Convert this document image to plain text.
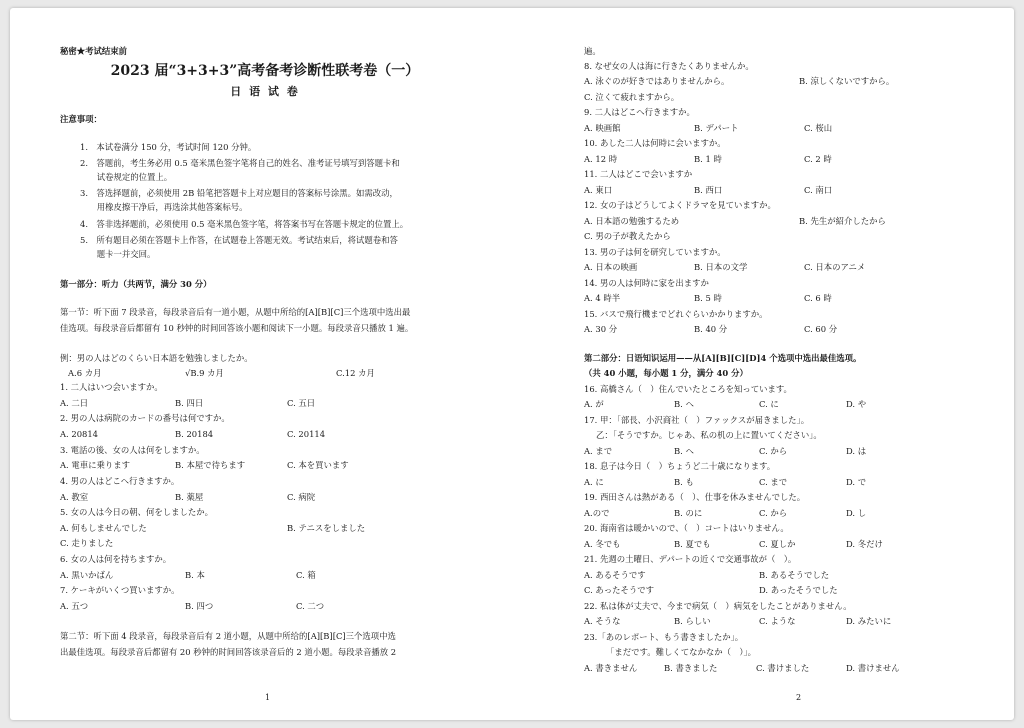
秘密★考试结束前
2023 届“3+3+3”高考备考诊断性联考卷（一）
日 语 试 卷
注意事项：
1.　本试卷满分 150 分，考试时间 120 分钟。
2.　答题前，考生务必用 0.5 毫米黑色签字笔将自己的姓名、准考证号填写到答题卡和
　　试卷规定的位置上。
3.　答选择题前，必须使用 2B 铅笔把答题卡上对应题目的答案标号涂黑。如需改动，
　　用橡皮擦干净后，再选涂其他答案标号。
4.　答非选择题前，必须使用 0.5 毫米黑色签字笔，将答案书写在答题卡规定的位置上。
5.　所有题目必须在答题卡上作答，在试题卷上答题无效。考试结束后，将试题卷和答
　　题卡一并交回。
第一部分：听力（共两节，满分 30 分）
第一节：听下面 7 段录音，每段录音后有一道小题，从题中所给的[A][B][C]三个选项中选出最
佳选项。每段录音后都留有 10 秒钟的时间回答该小题和阅读下一小题。每段录音只播放 1 遍。
例：男の人はどのくらい日本語を勉強しましたか。
A.6 カ月	√B.9 カ月	C.12 カ月
1. 二人はいつ会いますか。
A. 二日	B. 四日	C. 五日
2. 男の人は病院のカードの番号は何ですか。
A. 20814	B. 20184	C. 20114
3. 電話の後、女の人は何をしますか。
A. 電車に乗ります	B. 本屋で待ちます	C. 本を買います
4. 男の人はどこへ行きますか。
A. 教室	B. 薬屋	C. 病院
5. 女の人は今日の朝、何をしましたか。
A. 何もしませんでした	B. テニスをしました
C. 走りました
6. 女の人は何を持ちますか。
A. 黒いかばん	B. 本	C. 箱
7. ケーキがいくつ買いますか。
A. 五つ	B. 四つ	C. 二つ
第二节：听下面 4 段录音，每段录音后有 2 道小题，从题中所给的[A][B][C]三个选项中选
出最佳选项。每段录音后都留有 20 秒钟的时间回答该录音后的 2 道小题。每段录音播放 2
1
遍。
8. なぜ女の人は海に行きたくありませんか。
A. 泳ぐのが好きではありませんから。	B. 涼しくないですから。
C. 泣くて疲れますから。
9. 二人はどこへ行きますか。
A. 映画館	B. デパート	C. 桜山
10. あした二人は何時に会いますか。
A. 12 時	B. 1 時	C. 2 時
11. 二人はどこで会いますか
A. 東口	B. 西口	C. 南口
12. 女の子はどうしてよくドラマを見ていますか。
A. 日本語の勉強するため	B. 先生が紹介したから
C. 男の子が教えたから
13. 男の子は何を研究していますか。
A. 日本の映画	B. 日本の文学	C. 日本のアニメ
14. 男の人は何時に家を出ますか
A. 4 時半	B. 5 時	C. 6 時
15. バスで飛行機までどれぐらいかかりますか。
A. 30 分	B. 40 分	C. 60 分
第二部分：日语知识运用——从[A][B][C][D]4 个选项中选出最佳选项。
（共 40 小题，每小题 1 分，满分 40 分）
16. 高橋さん（　）住んでいたところを知っています。
A. が	B. へ	C. に	D. や
17. 甲：「部長、小沢商社（　）ファックスが届きました」。
乙：「そうですか。じゃあ、私の机の上に置いてください」。
A. まで	B. へ	C. から	D. は
18. 息子は今日（　）ちょうど二十歳になります。
A. に	B. も	C. まで	D. で
19. 西田さんは熱がある（　）、仕事を休みませんでした。
A.ので	B. のに	C. から	D. し
20. 海南省は暖かいので、（　）コートはいりません。
A. 冬でも	B. 夏でも	C. 夏しか	D. 冬だけ
21. 先週の土曜日、デパートの近くで交通事故が（　）。
A. あるそうです	B. あるそうでした
C. あったそうです	D. あったそうでした
22. 私は体が丈夫で、今まで病気（　）病気をしたことがありません。
A. そうな	B. らしい	C. ような	D. みたいに
23.「あのレポート、もう書きましたか」。
「まだです。難しくてなかなか（　）」。
A. 書きません	B. 書きました	C. 書けました	D. 書けません
2
